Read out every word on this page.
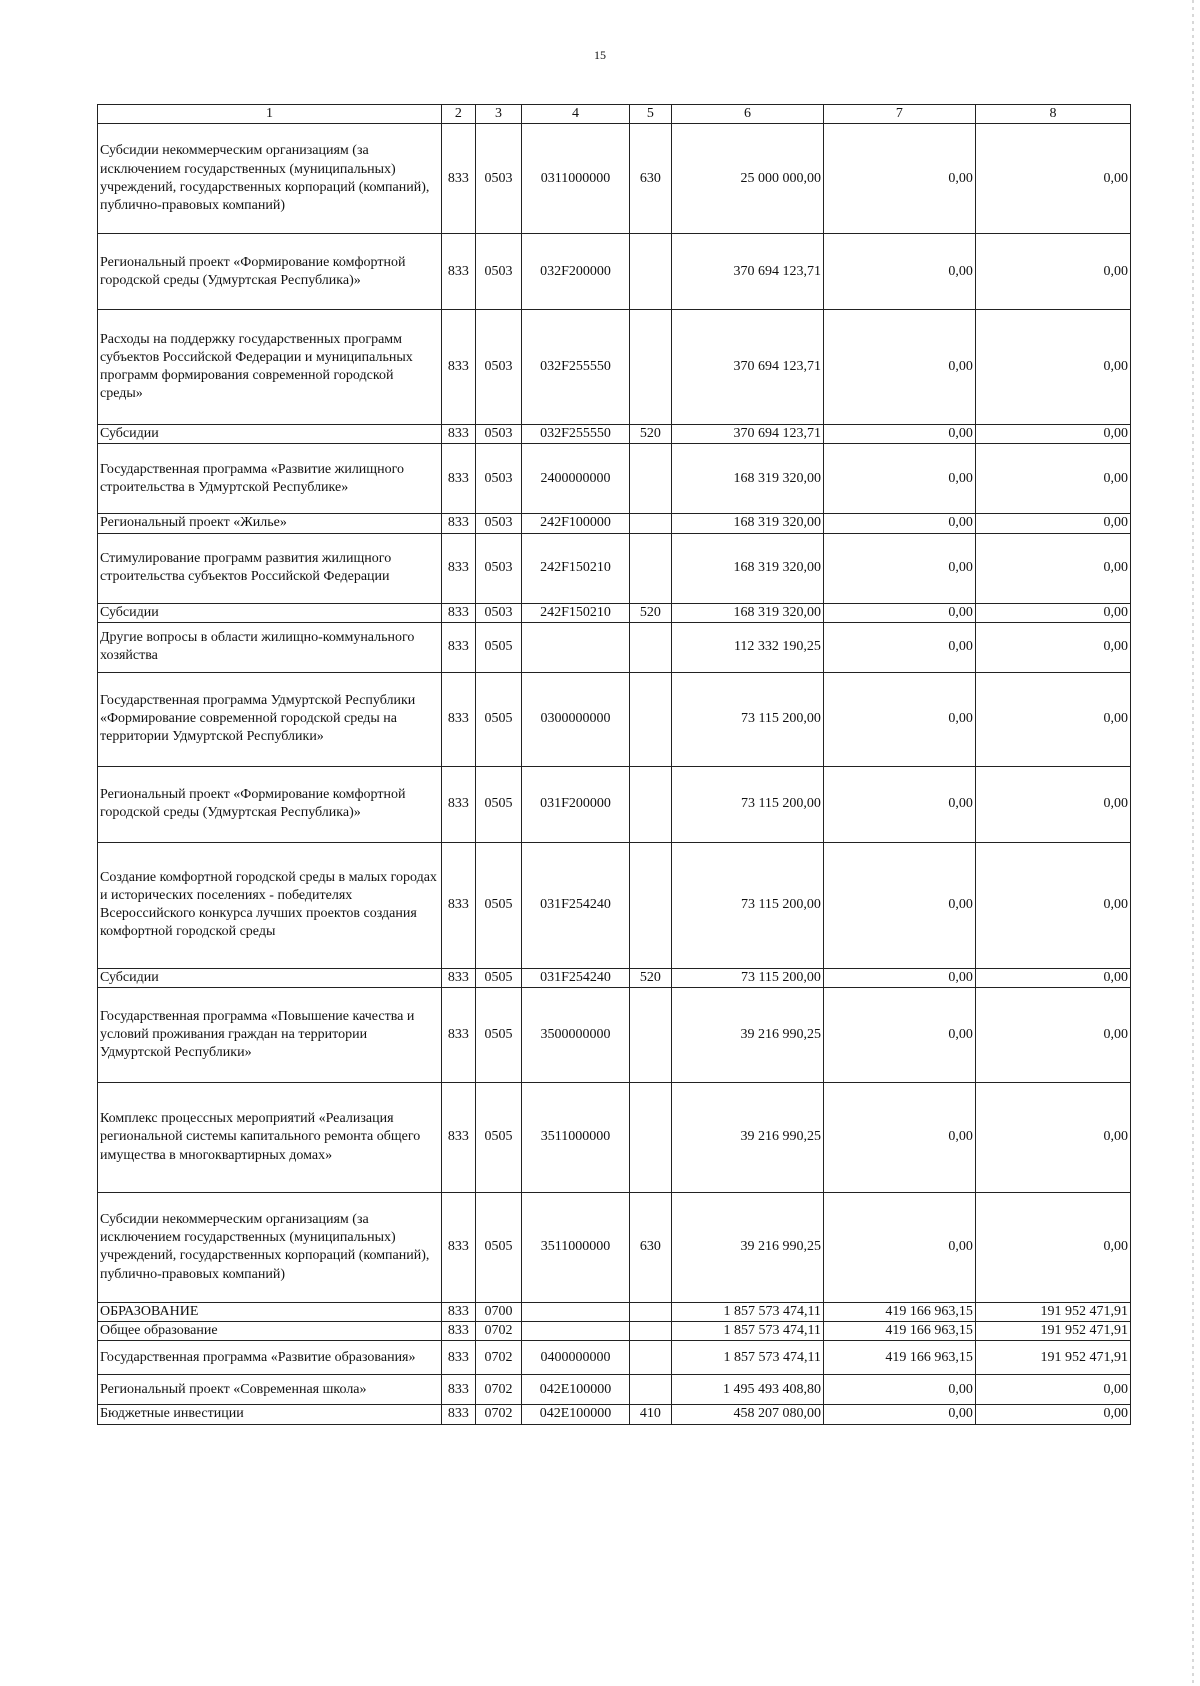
15
1	2	3	4	5	6	7	8
Субсидии некоммерческим организациям (за исключением государственных (муниципальных) учреждений, государственных корпораций (компаний), публично-правовых компаний)	833	0503	0311000000	630	25 000 000,00	0,00	0,00
Региональный проект «Формирование комфортной городской среды (Удмуртская Республика)»	833	0503	032F200000		370 694 123,71	0,00	0,00
Расходы на поддержку государственных программ субъектов Российской Федерации и муниципальных программ формирования современной городской среды»	833	0503	032F255550		370 694 123,71	0,00	0,00
Субсидии	833	0503	032F255550	520	370 694 123,71	0,00	0,00
Государственная программа «Развитие жилищного строительства в Удмуртской Республике»	833	0503	2400000000		168 319 320,00	0,00	0,00
Региональный проект «Жилье»	833	0503	242F100000		168 319 320,00	0,00	0,00
Стимулирование программ развития жилищного строительства субъектов Российской Федерации	833	0503	242F150210		168 319 320,00	0,00	0,00
Субсидии	833	0503	242F150210	520	168 319 320,00	0,00	0,00
Другие вопросы в области жилищно-коммунального хозяйства	833	0505			112 332 190,25	0,00	0,00
Государственная программа Удмуртской Республики «Формирование современной городской среды на территории Удмуртской Республики»	833	0505	0300000000		73 115 200,00	0,00	0,00
Региональный проект «Формирование комфортной городской среды (Удмуртская Республика)»	833	0505	031F200000		73 115 200,00	0,00	0,00
Создание комфортной городской среды в малых городах и исторических поселениях - победителях Всероссийского конкурса лучших проектов создания комфортной городской среды	833	0505	031F254240		73 115 200,00	0,00	0,00
Субсидии	833	0505	031F254240	520	73 115 200,00	0,00	0,00
Государственная программа «Повышение качества и условий проживания граждан на территории Удмуртской Республики»	833	0505	3500000000		39 216 990,25	0,00	0,00
Комплекс процессных мероприятий «Реализация региональной системы капитального ремонта общего имущества в многоквартирных домах»	833	0505	3511000000		39 216 990,25	0,00	0,00
Субсидии некоммерческим организациям (за исключением государственных (муниципальных) учреждений, государственных корпораций (компаний), публично-правовых компаний)	833	0505	3511000000	630	39 216 990,25	0,00	0,00
ОБРАЗОВАНИЕ	833	0700			1 857 573 474,11	419 166 963,15	191 952 471,91
Общее образование	833	0702			1 857 573 474,11	419 166 963,15	191 952 471,91
Государственная программа «Развитие образования»	833	0702	0400000000		1 857 573 474,11	419 166 963,15	191 952 471,91
Региональный проект «Современная школа»	833	0702	042E100000		1 495 493 408,80	0,00	0,00
Бюджетные инвестиции	833	0702	042E100000	410	458 207 080,00	0,00	0,00
